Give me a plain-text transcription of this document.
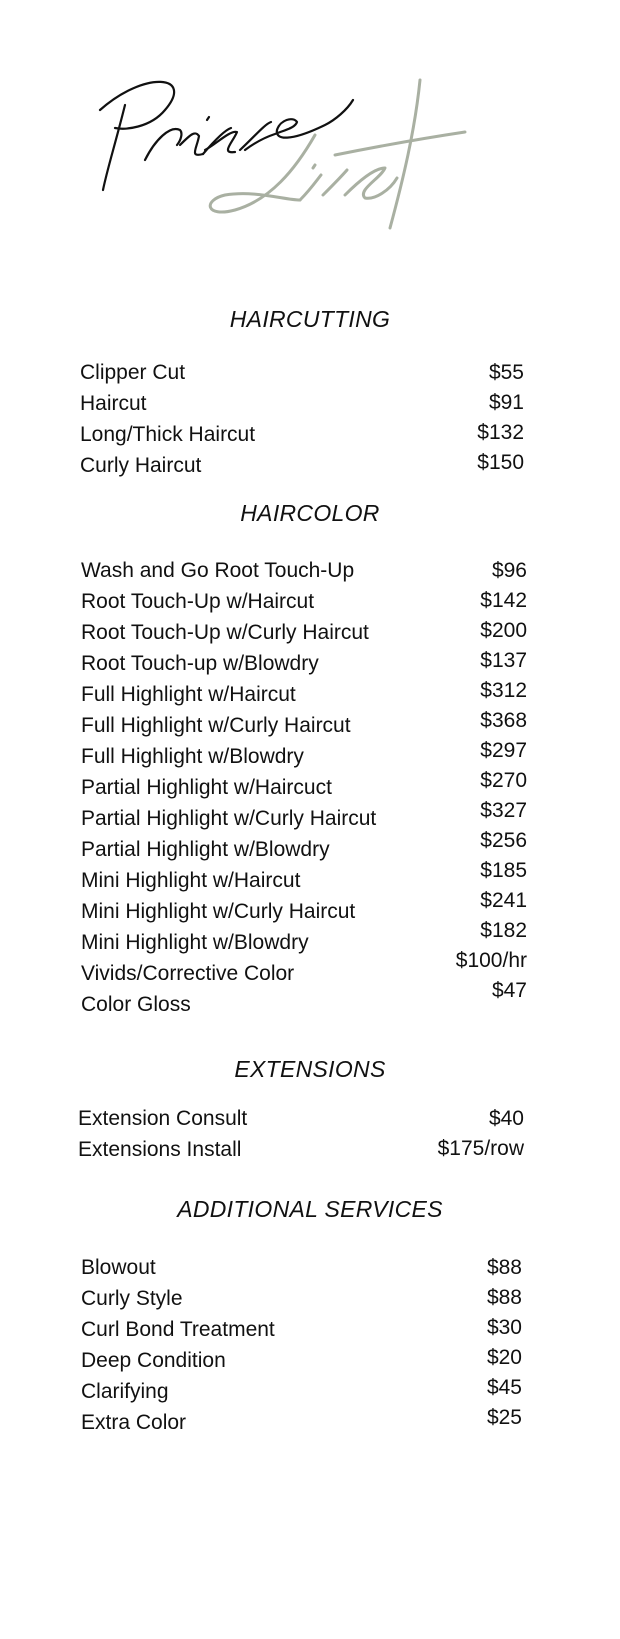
HAIRCUTTING
Clipper Cut
Haircut
Long/Thick Haircut
Curly Haircut
$55
$91
$132
$150
HAIRCOLOR
Wash and Go Root Touch-Up
Root Touch-Up w/Haircut
Root Touch-Up w/Curly Haircut
Root Touch-up w/Blowdry
Full Highlight w/Haircut
Full Highlight w/Curly Haircut
Full Highlight w/Blowdry
Partial Highlight w/Haircuct
Partial Highlight w/Curly Haircut
Partial Highlight w/Blowdry
Mini Highlight w/Haircut
Mini Highlight w/Curly Haircut
Mini Highlight w/Blowdry
Vivids/Corrective Color
Color Gloss
$96
$142
$200
$137
$312
$368
$297
$270
$327
$256
$185
$241
$182
$100/hr
$47
EXTENSIONS
Extension Consult
Extensions Install
$40
$175/row
ADDITIONAL SERVICES
Blowout
Curly Style
Curl Bond Treatment
Deep Condition
Clarifying
Extra Color
$88
$88
$30
$20
$45
$25
